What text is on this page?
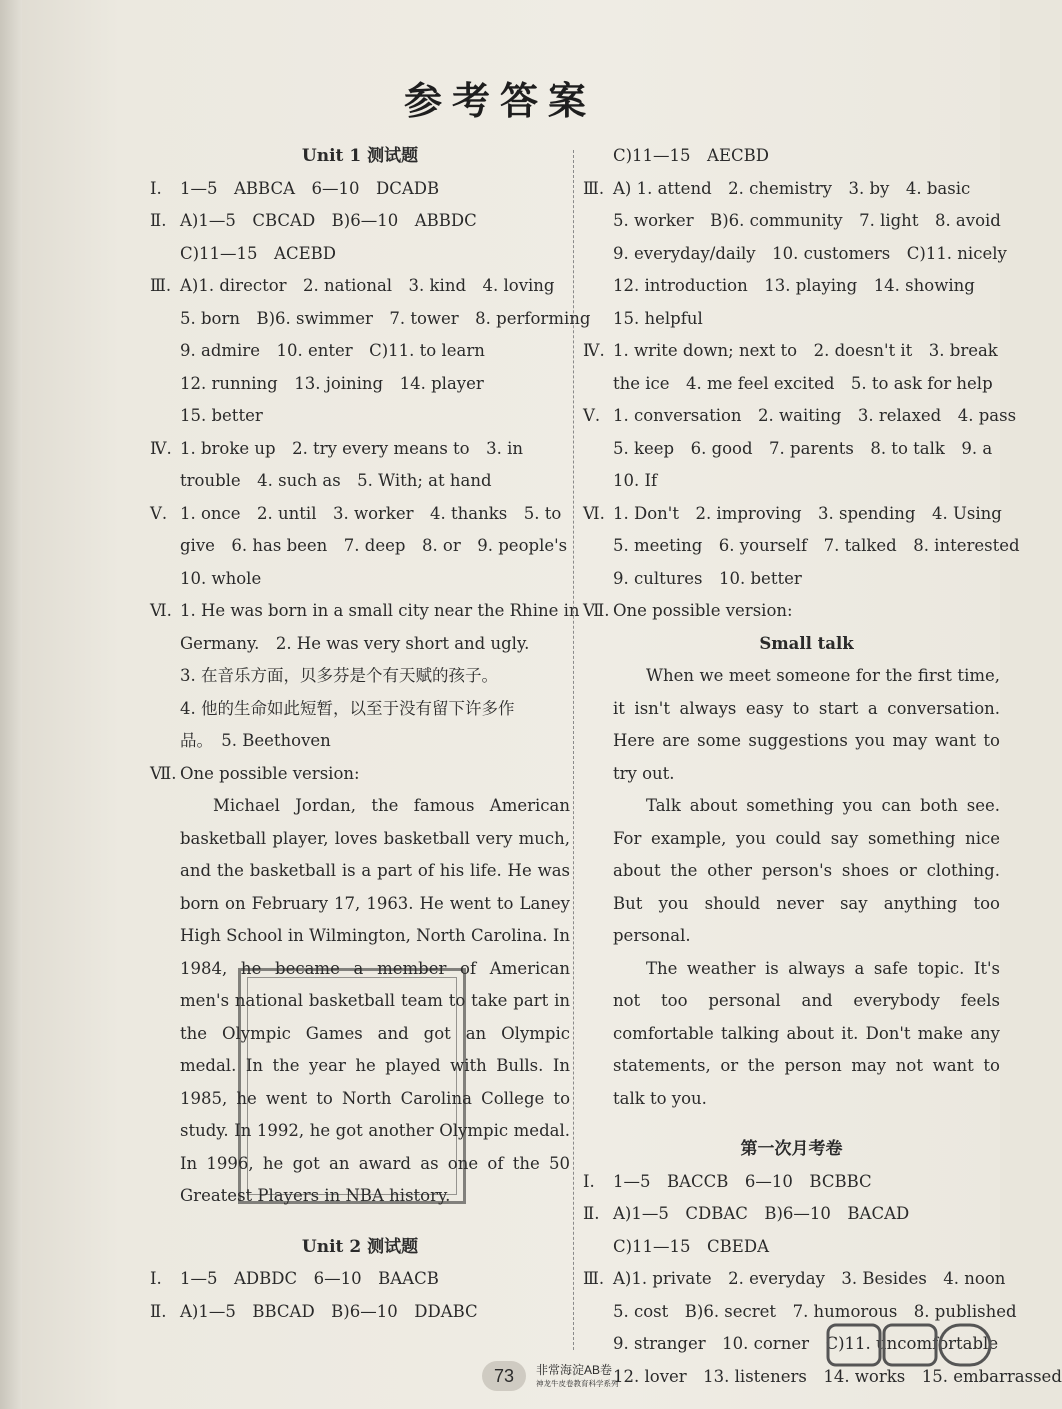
参考答案
Unit 1 测试题
Ⅰ.	1—5　ABBCA　6—10　DCADB
Ⅱ. A)1—5　CBCAD　B)6—10　ABBDC
C)11—15　ACEBD
Ⅲ. A)1. director　2. national　3. kind　4. loving
5. born　B)6. swimmer　7. tower　8. performing
9. admire　10. enter　C)11. to learn
12. running　13. joining　14. player
15. better
Ⅳ. 1. broke up　2. try every means to　3. in
trouble　4. such as　5. With; at hand
Ⅴ. 1. once　2. until　3. worker　4. thanks　5. to
give　6. has been　7. deep　8. or　9. people's
10. whole
Ⅵ. 1. He was born in a small city near the Rhine in
Germany.　2. He was very short and ugly.
3. 在音乐方面，贝多芬是个有天赋的孩子。
4. 他的生命如此短暂，以至于没有留下许多作
品。　5. Beethoven
Ⅶ. One possible version:
Michael Jordan, the famous American basketball player, loves basketball very much, and the basketball is a part of his life. He was born on February 17, 1963. He went to Laney High School in Wilmington, North Carolina. In 1984, he became a member of American men's national basketball team to take part in the Olympic Games and got an Olympic medal. In the year he played with Bulls. In 1985, he went to North Carolina College to study. In 1992, he got another Olympic medal. In 1996, he got an award as one of the 50 Greatest Players in NBA history.
Unit 2 测试题
Ⅰ.	1—5　ADBDC　6—10　BAACB
Ⅱ. A)1—5　BBCAD　B)6—10　DDABC
C)11—15　AECBD
Ⅲ. A) 1. attend　2. chemistry　3. by　4. basic
5. worker　B)6. community　7. light　8. avoid
9. everyday/daily　10. customers　C)11. nicely
12. introduction　13. playing　14. showing
15. helpful
Ⅳ. 1. write down; next to　2. doesn't it　3. break
the ice　4. me feel excited　5. to ask for help
Ⅴ. 1. conversation　2. waiting　3. relaxed　4. pass
5. keep　6. good　7. parents　8. to talk　9. a
10. If
Ⅵ. 1. Don't　2. improving　3. spending　4. Using
5. meeting　6. yourself　7. talked　8. interested
9. cultures　10. better
Ⅶ. One possible version:
Small talk
When we meet someone for the first time, it isn't always easy to start a conversation. Here are some suggestions you may want to try out.
Talk about something you can both see. For example, you could say something nice about the other person's shoes or clothing. But you should never say anything too personal.
The weather is always a safe topic. It's not too personal and everybody feels comfortable talking about it. Don't make any statements, or the person may not want to talk to you.
第一次月考卷
Ⅰ.	1—5　BACCB　6—10　BCBBC
Ⅱ. A)1—5　CDBAC　B)6—10　BACAD
C)11—15　CBEDA
Ⅲ. A)1. private　2. everyday　3. Besides　4. noon
5. cost　B)6. secret　7. humorous　8. published
9. stranger　10. corner　C)11. uncomfortable
12. lover　13. listeners　14. works　15. embarrassed
73	非常海淀AB卷
神龙牛皮卷教育科学系列
